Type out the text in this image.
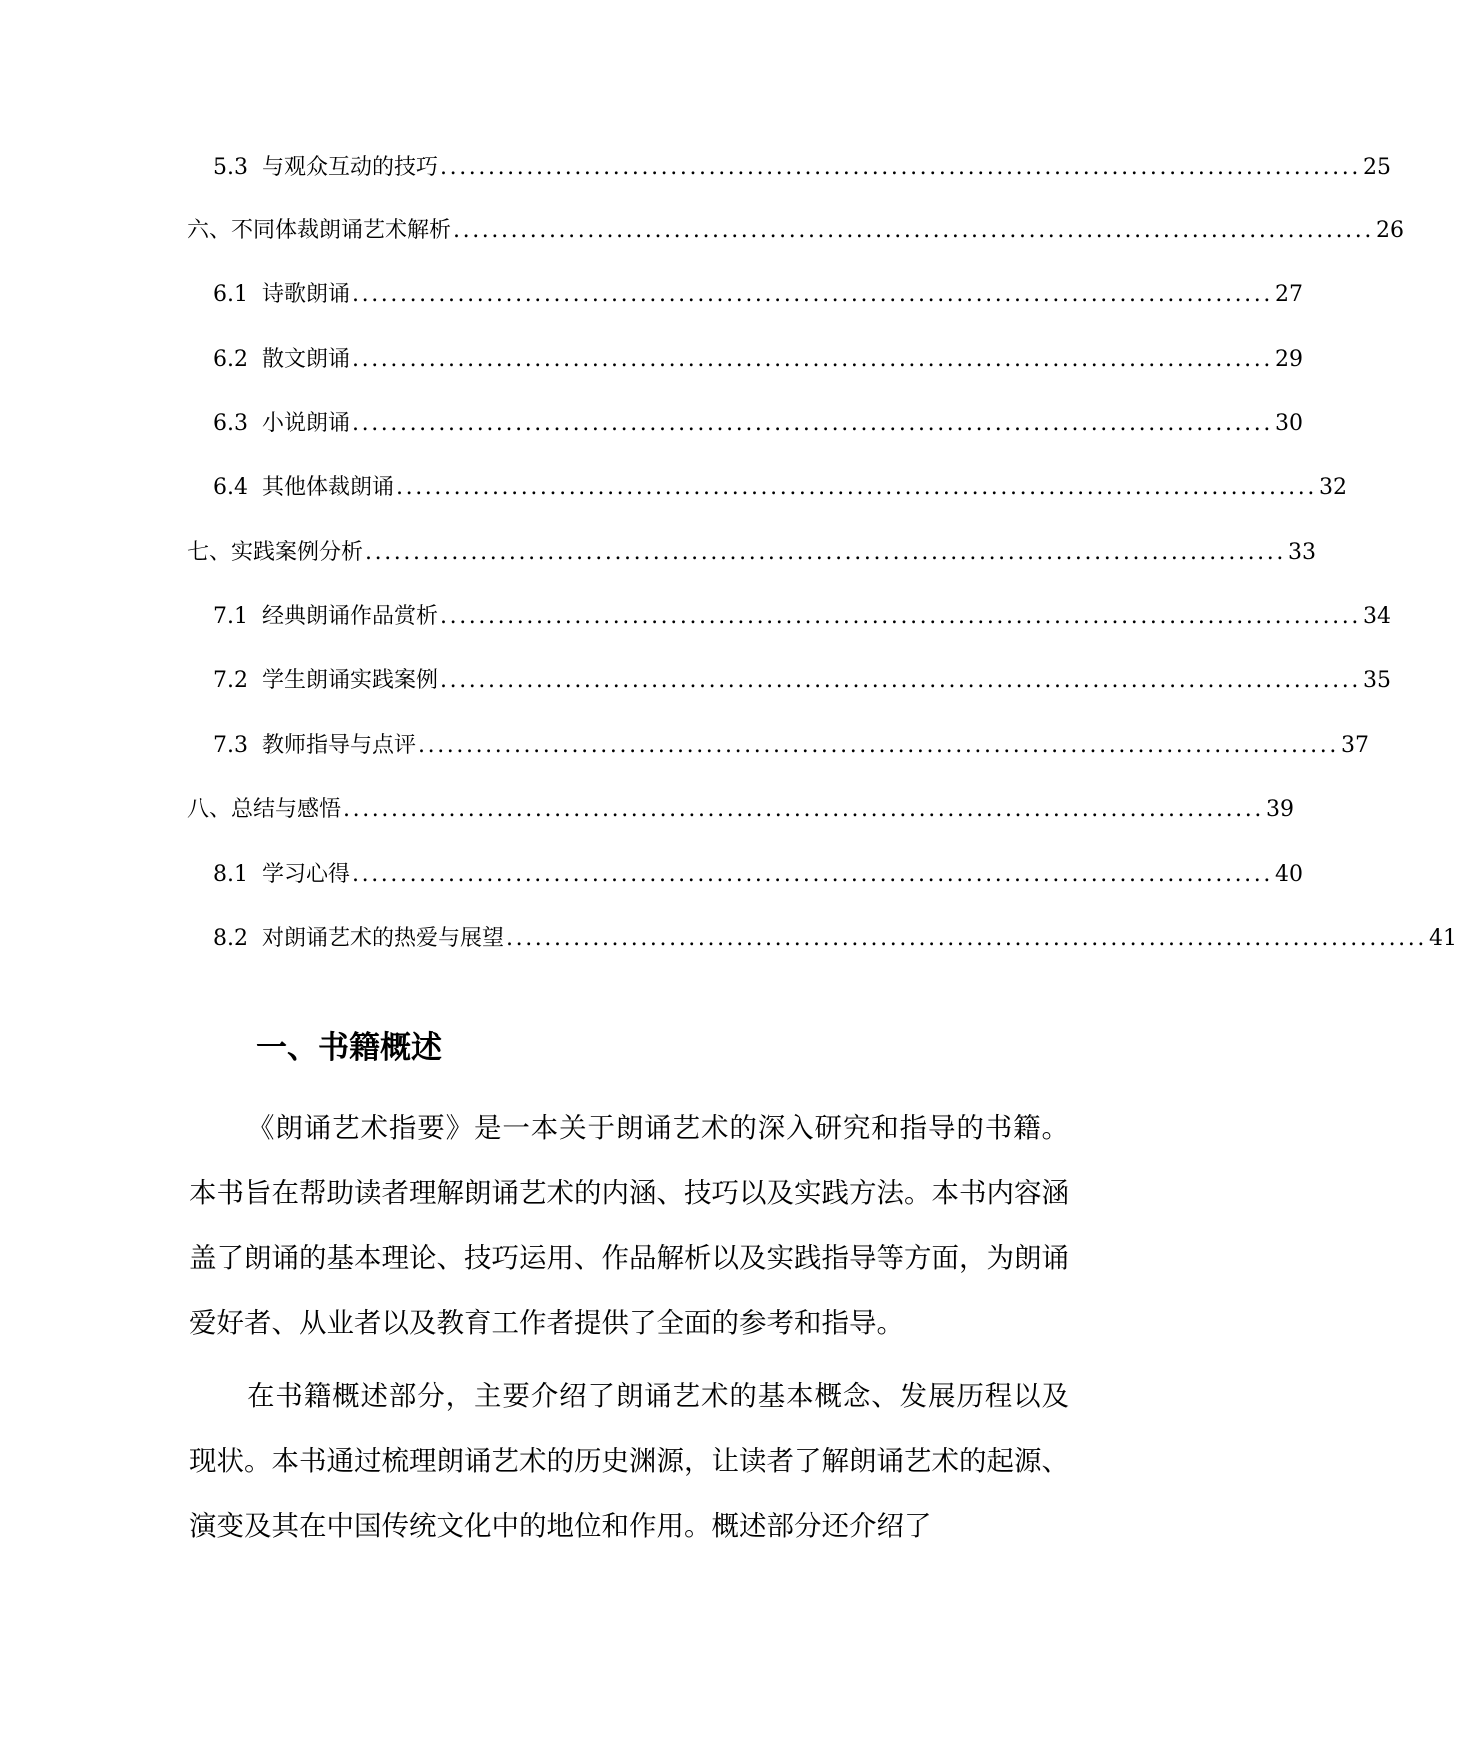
5.3 与观众互动的技巧 ................................................................................................ 25
六、不同体裁朗诵艺术解析 ................................................................................................ 26
6.1 诗歌朗诵 ................................................................................................ 27
6.2 散文朗诵 ................................................................................................ 29
6.3 小说朗诵 ................................................................................................ 30
6.4 其他体裁朗诵 ................................................................................................ 32
七、实践案例分析 ................................................................................................ 33
7.1 经典朗诵作品赏析 ................................................................................................ 34
7.2 学生朗诵实践案例 ................................................................................................ 35
7.3 教师指导与点评 ................................................................................................ 37
八、总结与感悟 ................................................................................................ 39
8.1 学习心得 ................................................................................................ 40
8.2 对朗诵艺术的热爱与展望 ................................................................................................ 41
一、书籍概述

《朗诵艺术指要》是一本关于朗诵艺术的深入研究和指导的书籍。本书旨在帮助读者理解朗诵艺术的内涵、技巧以及实践方法。本书内容涵盖了朗诵的基本理论、技巧运用、作品解析以及实践指导等方面，为朗诵爱好者、从业者以及教育工作者提供了全面的参考和指导。

在书籍概述部分，主要介绍了朗诵艺术的基本概念、发展历程以及现状。本书通过梳理朗诵艺术的历史渊源，让读者了解朗诵艺术的起源、演变及其在中国传统文化中的地位和作用。概述部分还介绍了
